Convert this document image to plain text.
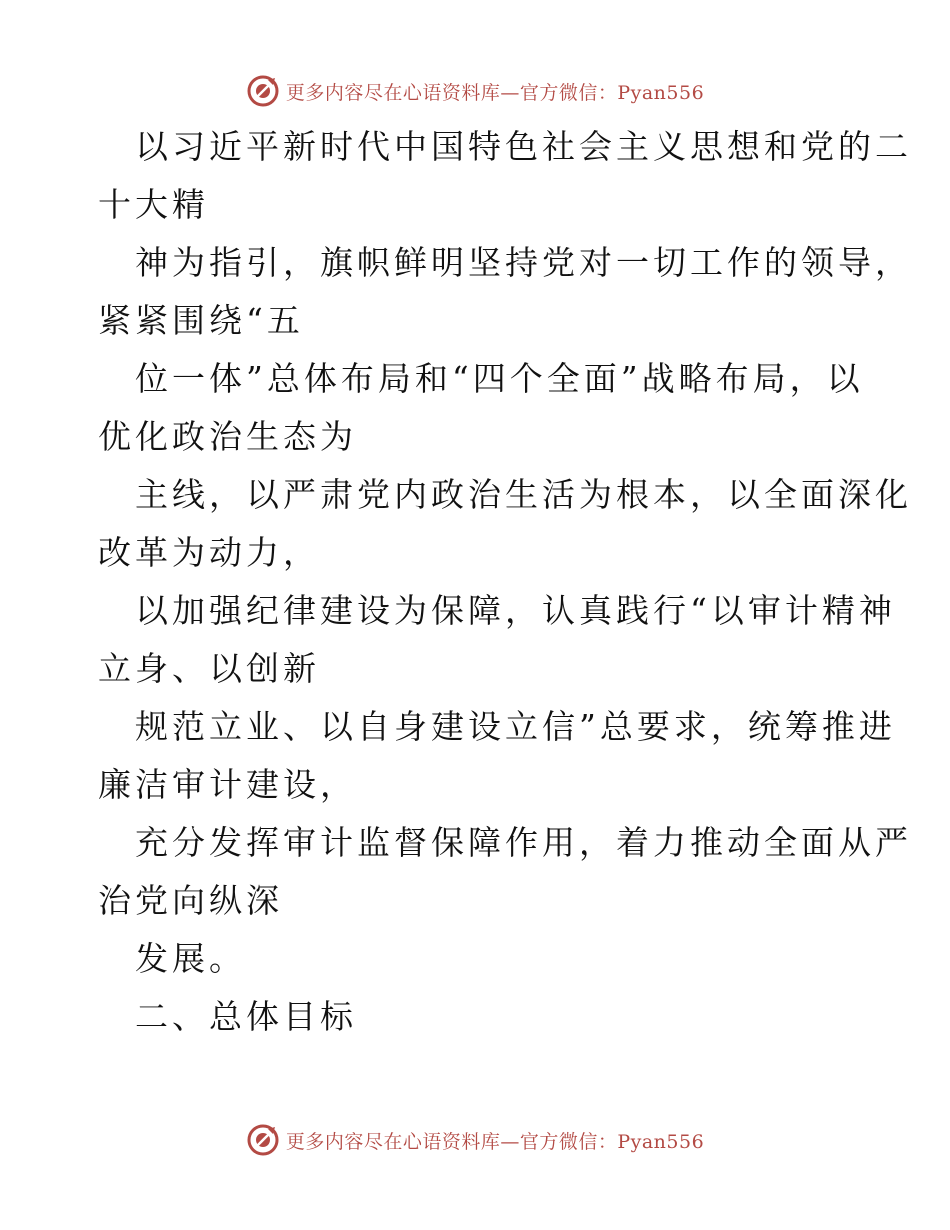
更多内容尽在心语资料库—官方微信：Pyan556

以习近平新时代中国特色社会主义思想和党的二

十大精

神为指引，旗帜鲜明坚持党对一切工作的领导，

紧紧围绕“五

位一体”总体布局和“四个全面”战略布局，以

优化政治生态为

主线，以严肃党内政治生活为根本，以全面深化

改革为动力，

以加强纪律建设为保障，认真践行“以审计精神

立身、以创新

规范立业、以自身建设立信”总要求，统筹推进

廉洁审计建设，

充分发挥审计监督保障作用，着力推动全面从严

治党向纵深

发展。

二、总体目标

更多内容尽在心语资料库—官方微信：Pyan556
